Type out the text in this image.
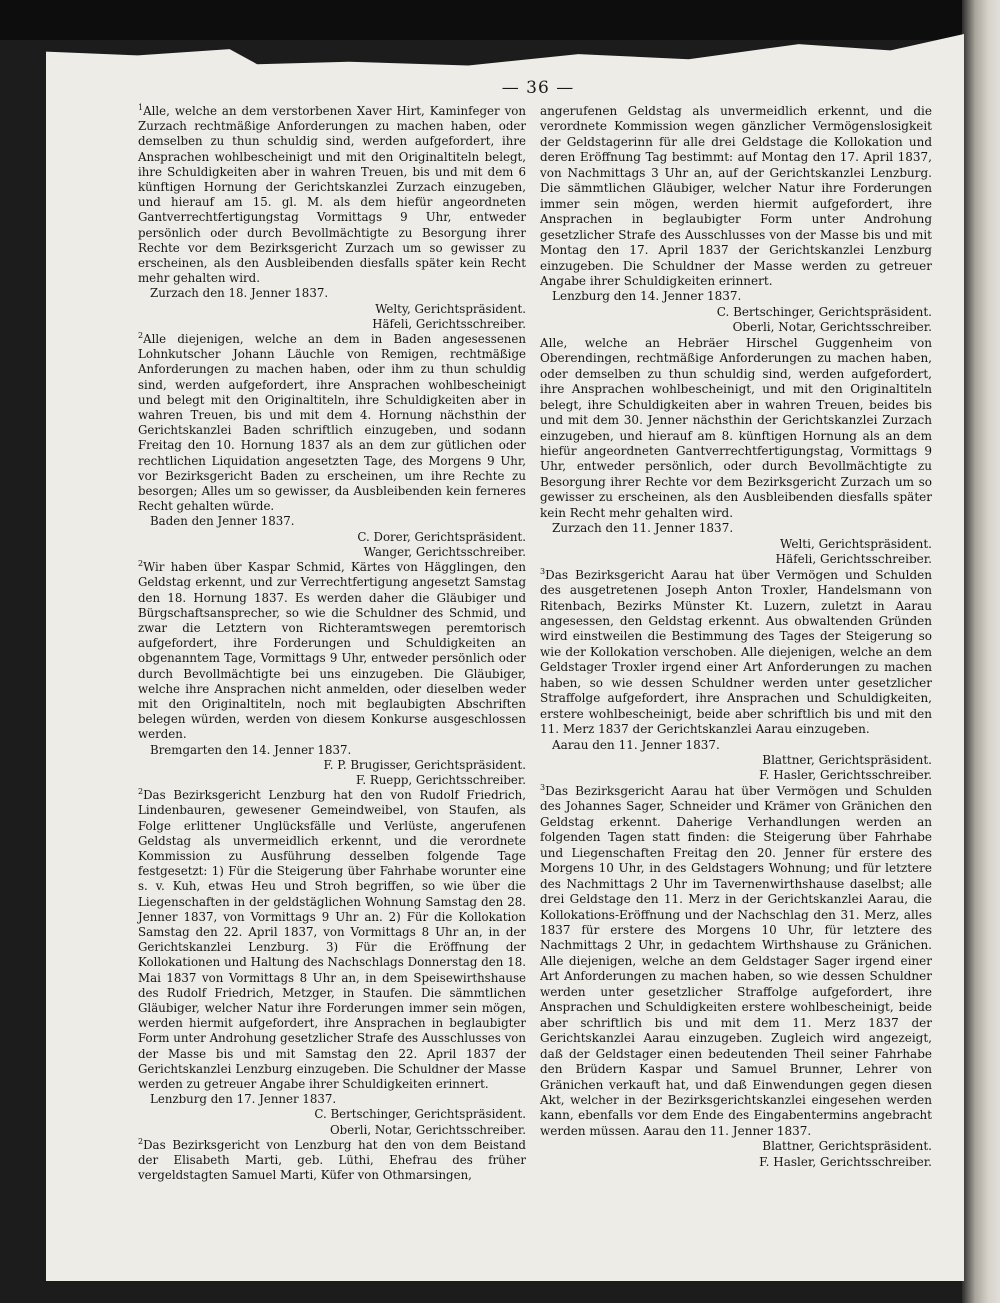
— 36 —
$^1$Alle, welche an dem verstorbenen Xaver Hirt, Kaminfeger von Zurzach rechtmäßige Anforderungen zu machen haben, oder demselben zu thun schuldig sind, werden aufgefordert, ihre Ansprachen wohlbescheinigt und mit den Originaltiteln belegt, ihre Schuldigkeiten aber in wahren Treuen, bis und mit dem 6 künftigen Hornung der Gerichtskanzlei Zurzach einzugeben, und hierauf am 15. gl. M. als dem hiefür angeordneten Gantverrechtfertigungstag Vormittags 9 Uhr, entweder persönlich oder durch Bevollmächtigte zu Besorgung ihrer Rechte vor dem Bezirksgericht Zurzach um so gewisser zu erscheinen, als den Ausbleibenden diesfalls später kein Recht mehr gehalten wird.
Zurzach den 18. Jenner 1837.
Welty, Gerichtspräsident.
Häfeli, Gerichtsschreiber.
$^2$Alle diejenigen, welche an dem in Baden angesessenen Lohnkutscher Johann Läuchle von Remigen, rechtmäßige Anforderungen zu machen haben, oder ihm zu thun schuldig sind, werden aufgefordert, ihre Ansprachen wohlbescheinigt und belegt mit den Originaltiteln, ihre Schuldigkeiten aber in wahren Treuen, bis und mit dem 4. Hornung nächsthin der Gerichtskanzlei Baden schriftlich einzugeben, und sodann Freitag den 10. Hornung 1837 als an dem zur gütlichen oder rechtlichen Liquidation angesetzten Tage, des Morgens 9 Uhr, vor Bezirksgericht Baden zu erscheinen, um ihre Rechte zu besorgen; Alles um so gewisser, da Ausbleibenden kein ferneres Recht gehalten würde.
Baden den Jenner 1837.
C. Dorer, Gerichtspräsident.
Wanger, Gerichtsschreiber.
$^2$Wir haben über Kaspar Schmid, Kärtes von Hägglingen, den Geldstag erkennt, und zur Verrechtfertigung angesetzt Samstag den 18. Hornung 1837. Es werden daher die Gläubiger und Bürgschaftsansprecher, so wie die Schuldner des Schmid, und zwar die Letztern von Richteramtswegen peremtorisch aufgefordert, ihre Forderungen und Schuldigkeiten an obgenanntem Tage, Vormittags 9 Uhr, entweder persönlich oder durch Bevollmächtigte bei uns einzugeben. Die Gläubiger, welche ihre Ansprachen nicht anmelden, oder dieselben weder mit den Originaltiteln, noch mit beglaubigten Abschriften belegen würden, werden von diesem Konkurse ausgeschlossen werden.
Bremgarten den 14. Jenner 1837.
F. P. Brugisser, Gerichtspräsident.
F. Ruepp, Gerichtsschreiber.
$^2$Das Bezirksgericht Lenzburg hat den von Rudolf Friedrich, Lindenbauren, gewesener Gemeindweibel, von Staufen, als Folge erlittener Unglücksfälle und Verlüste, angerufenen Geldstag als unvermeidlich erkennt, und die verordnete Kommission zu Ausführung desselben folgende Tage festgesetzt: 1) Für die Steigerung über Fahrhabe worunter eine s. v. Kuh, etwas Heu und Stroh begriffen, so wie über die Liegenschaften in der geldstäglichen Wohnung Samstag den 28. Jenner 1837, von Vormittags 9 Uhr an. 2) Für die Kollokation Samstag den 22. April 1837, von Vormittags 8 Uhr an, in der Gerichtskanzlei Lenzburg. 3) Für die Eröffnung der Kollokationen und Haltung des Nachschlags Donnerstag den 18. Mai 1837 von Vormittags 8 Uhr an, in dem Speisewirthshause des Rudolf Friedrich, Metzger, in Staufen. Die sämmtlichen Gläubiger, welcher Natur ihre Forderungen immer sein mögen, werden hiermit aufgefordert, ihre Ansprachen in beglaubigter Form unter Androhung gesetzlicher Strafe des Ausschlusses von der Masse bis und mit Samstag den 22. April 1837 der Gerichtskanzlei Lenzburg einzugeben. Die Schuldner der Masse werden zu getreuer Angabe ihrer Schuldigkeiten erinnert.
Lenzburg den 17. Jenner 1837.
C. Bertschinger, Gerichtspräsident.
Oberli, Notar, Gerichtsschreiber.
$^2$Das Bezirksgericht von Lenzburg hat den von dem Beistand der Elisabeth Marti, geb. Lüthi, Ehefrau des früher vergeldstagten Samuel Marti, Küfer von Othmarsingen,
angerufenen Geldstag als unvermeidlich erkennt, und die verordnete Kommission wegen gänzlicher Vermögenslosigkeit der Geldstagerinn für alle drei Geldstage die Kollokation und deren Eröffnung Tag bestimmt: auf Montag den 17. April 1837, von Nachmittags 3 Uhr an, auf der Gerichtskanzlei Lenzburg. Die sämmtlichen Gläubiger, welcher Natur ihre Forderungen immer sein mögen, werden hiermit aufgefordert, ihre Ansprachen in beglaubigter Form unter Androhung gesetzlicher Strafe des Ausschlusses von der Masse bis und mit Montag den 17. April 1837 der Gerichtskanzlei Lenzburg einzugeben. Die Schuldner der Masse werden zu getreuer Angabe ihrer Schuldigkeiten erinnert.
Lenzburg den 14. Jenner 1837.
C. Bertschinger, Gerichtspräsident.
Oberli, Notar, Gerichtsschreiber.
Alle, welche an Hebräer Hirschel Guggenheim von Oberendingen, rechtmäßige Anforderungen zu machen haben, oder demselben zu thun schuldig sind, werden aufgefordert, ihre Ansprachen wohlbescheinigt, und mit den Originaltiteln belegt, ihre Schuldigkeiten aber in wahren Treuen, beides bis und mit dem 30. Jenner nächsthin der Gerichtskanzlei Zurzach einzugeben, und hierauf am 8. künftigen Hornung als an dem hiefür angeordneten Gantverrechtfertigungstag, Vormittags 9 Uhr, entweder persönlich, oder durch Bevollmächtigte zu Besorgung ihrer Rechte vor dem Bezirksgericht Zurzach um so gewisser zu erscheinen, als den Ausbleibenden diesfalls später kein Recht mehr gehalten wird.
Zurzach den 11. Jenner 1837.
Welti, Gerichtspräsident.
Häfeli, Gerichtsschreiber.
$^3$Das Bezirksgericht Aarau hat über Vermögen und Schulden des ausgetretenen Joseph Anton Troxler, Handelsmann von Ritenbach, Bezirks Münster Kt. Luzern, zuletzt in Aarau angesessen, den Geldstag erkennt. Aus obwaltenden Gründen wird einstweilen die Bestimmung des Tages der Steigerung so wie der Kollokation verschoben. Alle diejenigen, welche an dem Geldstager Troxler irgend einer Art Anforderungen zu machen haben, so wie dessen Schuldner werden unter gesetzlicher Straffolge aufgefordert, ihre Ansprachen und Schuldigkeiten, erstere wohlbescheinigt, beide aber schriftlich bis und mit den 11. Merz 1837 der Gerichtskanzlei Aarau einzugeben.
Aarau den 11. Jenner 1837.
Blattner, Gerichtspräsident.
F. Hasler, Gerichtsschreiber.
$^3$Das Bezirksgericht Aarau hat über Vermögen und Schulden des Johannes Sager, Schneider und Krämer von Gränichen den Geldstag erkennt. Daherige Verhandlungen werden an folgenden Tagen statt finden: die Steigerung über Fahrhabe und Liegenschaften Freitag den 20. Jenner für erstere des Morgens 10 Uhr, in des Geldstagers Wohnung; und für letztere des Nachmittags 2 Uhr im Tavernenwirthshause daselbst; alle drei Geldstage den 11. Merz in der Gerichtskanzlei Aarau, die Kollokations-Eröffnung und der Nachschlag den 31. Merz, alles 1837 für erstere des Morgens 10 Uhr, für letztere des Nachmittags 2 Uhr, in gedachtem Wirthshause zu Gränichen. Alle diejenigen, welche an dem Geldstager Sager irgend einer Art Anforderungen zu machen haben, so wie dessen Schuldner werden unter gesetzlicher Straffolge aufgefordert, ihre Ansprachen und Schuldigkeiten erstere wohlbescheinigt, beide aber schriftlich bis und mit dem 11. Merz 1837 der Gerichtskanzlei Aarau einzugeben. Zugleich wird angezeigt, daß der Geldstager einen bedeutenden Theil seiner Fahrhabe den Brüdern Kaspar und Samuel Brunner, Lehrer von Gränichen verkauft hat, und daß Einwendungen gegen diesen Akt, welcher in der Bezirksgerichtskanzlei eingesehen werden kann, ebenfalls vor dem Ende des Eingabentermins angebracht werden müssen. Aarau den 11. Jenner 1837.
Blattner, Gerichtspräsident.
F. Hasler, Gerichtsschreiber.
